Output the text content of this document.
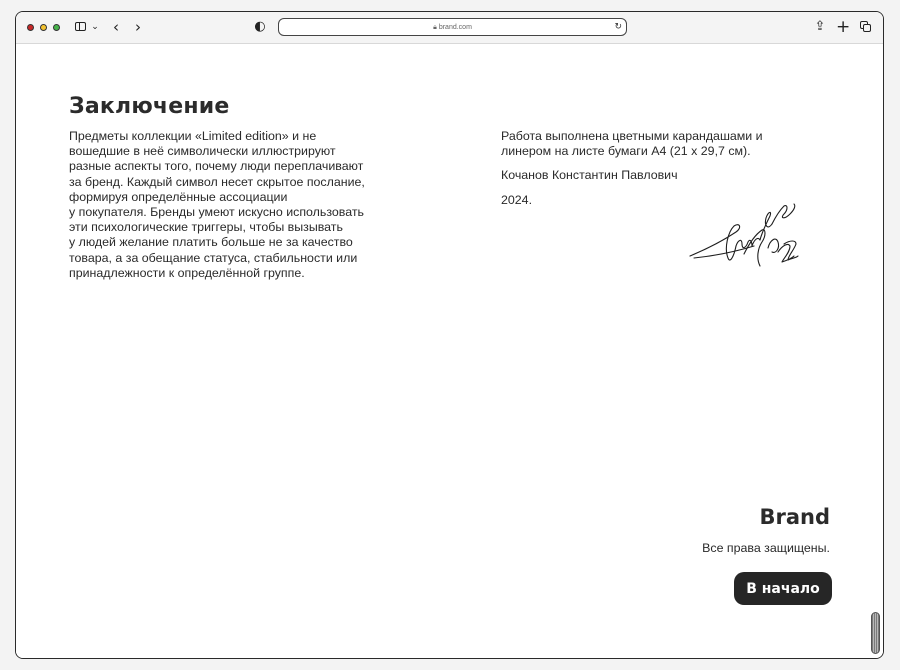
⌄ ‹ ›	◐	🔒︎ brand.com	↻	⇪ +
Заключение

Предметы коллекции «Limited edition» и не
вошедшие в неё символически иллюстрируют
разные аспекты того, почему люди переплачивают
за бренд. Каждый символ несет скрытое послание,
формируя определённые ассоциации
у покупателя. Бренды умеют искусно использовать
эти психологические триггеры, чтобы вызывать
у людей желание платить больше не за качество
товара, а за обещание статуса, стабильности или
принадлежности к определённой группе.

Работа выполнена цветными карандашами и
линером на листе бумаги А4 (21 х 29,7 см).

Кочанов Константин Павлович

2024.

Brand
Все права защищены.
В начало
